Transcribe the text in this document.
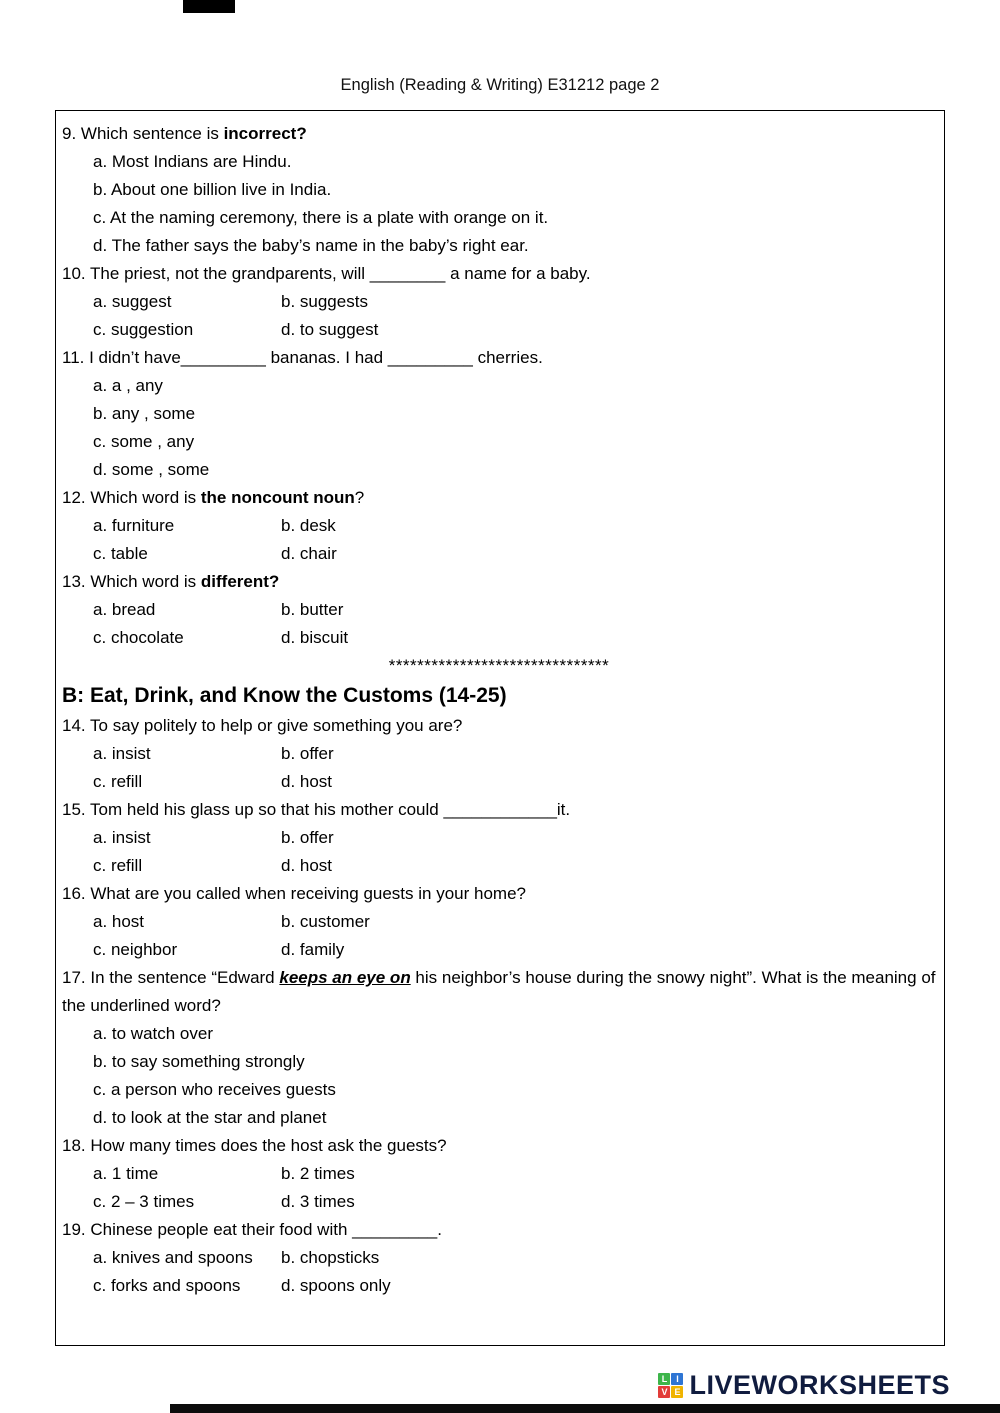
English (Reading & Writing) E31212 page 2
9. Which sentence is incorrect?
a. Most Indians are Hindu.
b. About one billion live in India.
c. At the naming ceremony, there is a plate with orange on it.
d. The father says the baby’s name in the baby’s right ear.
10. The priest, not the grandparents, will ________ a name for a baby.
a. suggest	b. suggests
c. suggestion	d. to suggest
11. I didn’t have_________ bananas. I had _________ cherries.
a. a , any
b. any , some
c. some , any
d. some , some
12. Which word is the noncount noun?
a. furniture	b. desk
c. table	d. chair
13. Which word is different?
a. bread	b. butter
c. chocolate	d. biscuit
*******************************
B: Eat, Drink, and Know the Customs (14-25)
14. To say politely to help or give something you are?
a. insist	b. offer
c. refill	d. host
15. Tom held his glass up so that his mother could ____________it.
a. insist	b. offer
c. refill	d. host
16. What are you called when receiving guests in your home?
a. host	b. customer
c. neighbor	d. family
17. In the sentence “Edward keeps an eye on his neighbor’s house during the snowy night”. What is the meaning of the underlined word?
a. to watch over
b. to say something strongly
c. a person who receives guests
d. to look at the star and planet
18. How many times does the host ask the guests?
a. 1 time	b. 2 times
c. 2 – 3 times	d. 3 times
19. Chinese people eat their food with _________.
a. knives and spoons	b. chopsticks
c. forks and spoons	d. spoons only
L I
V E LIVEWORKSHEETS
